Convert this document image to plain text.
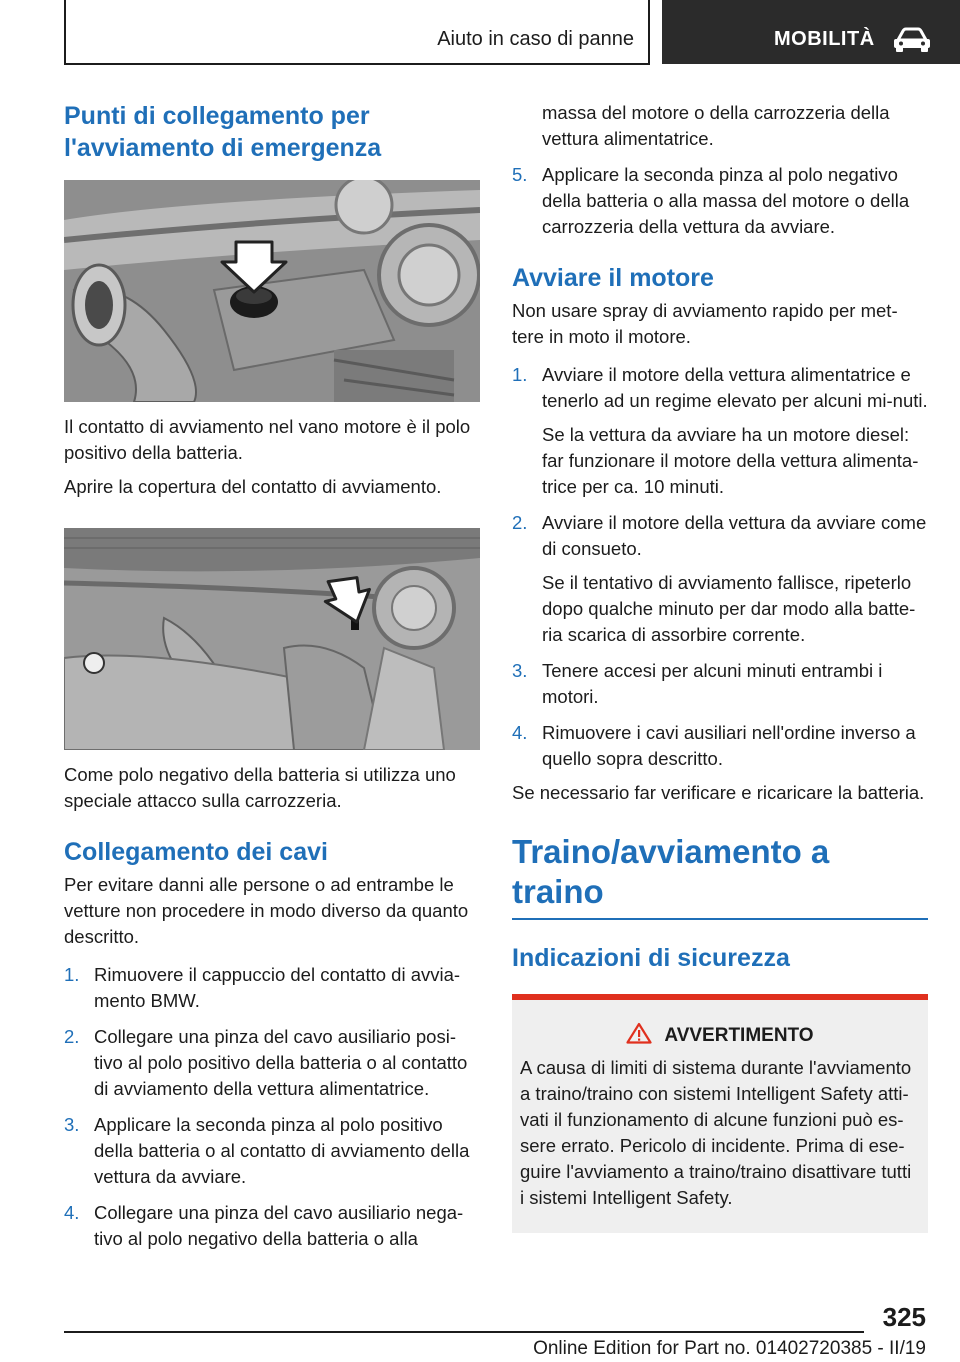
Aiuto in caso di panne	MOBILITÀ
Punti di collegamento per l'avviamento di emergenza

Il contatto di avviamento nel vano motore è il polo positivo della batteria.

Aprire la copertura del contatto di avviamento.

Come polo negativo della batteria si utilizza uno speciale attacco sulla carrozzeria.

Collegamento dei cavi

Per evitare danni alle persone o ad entrambe le vetture non procedere in modo diverso da quanto descritto.

1. Rimuovere il cappuccio del contatto di avvia-mento BMW.
2. Collegare una pinza del cavo ausiliario posi-tivo al polo positivo della batteria o al contatto di avviamento della vettura alimentatrice.
3. Applicare la seconda pinza al polo positivo della batteria o al contatto di avviamento della vettura da avviare.
4. Collegare una pinza del cavo ausiliario nega-tivo al polo negativo della batteria o alla
massa del motore o della carrozzeria della vettura alimentatrice.
5. Applicare la seconda pinza al polo negativo della batteria o alla massa del motore o della carrozzeria della vettura da avviare.
Avviare il motore

Non usare spray di avviamento rapido per met-tere in moto il motore.

1. Avviare il motore della vettura alimentatrice e tenerlo ad un regime elevato per alcuni mi-nuti.
Se la vettura da avviare ha un motore diesel: far funzionare il motore della vettura alimenta-trice per ca. 10 minuti.
2. Avviare il motore della vettura da avviare come di consueto.
Se il tentativo di avviamento fallisce, ripeterlo dopo qualche minuto per dar modo alla batte-ria scarica di assorbire corrente.
3. Tenere accesi per alcuni minuti entrambi i motori.
4. Rimuovere i cavi ausiliari nell'ordine inverso a quello sopra descritto.

Se necessario far verificare e ricaricare la batteria.

Traino/avviamento a traino
Indicazioni di sicurezza
AVVERTIMENTO

A causa di limiti di sistema durante l'avviamento a traino/traino con sistemi Intelligent Safety atti-vati il funzionamento di alcune funzioni può es-sere errato. Pericolo di incidente. Prima di ese-guire l'avviamento a traino/traino disattivare tutti i sistemi Intelligent Safety.

325
Online Edition for Part no. 01402720385 - II/19
